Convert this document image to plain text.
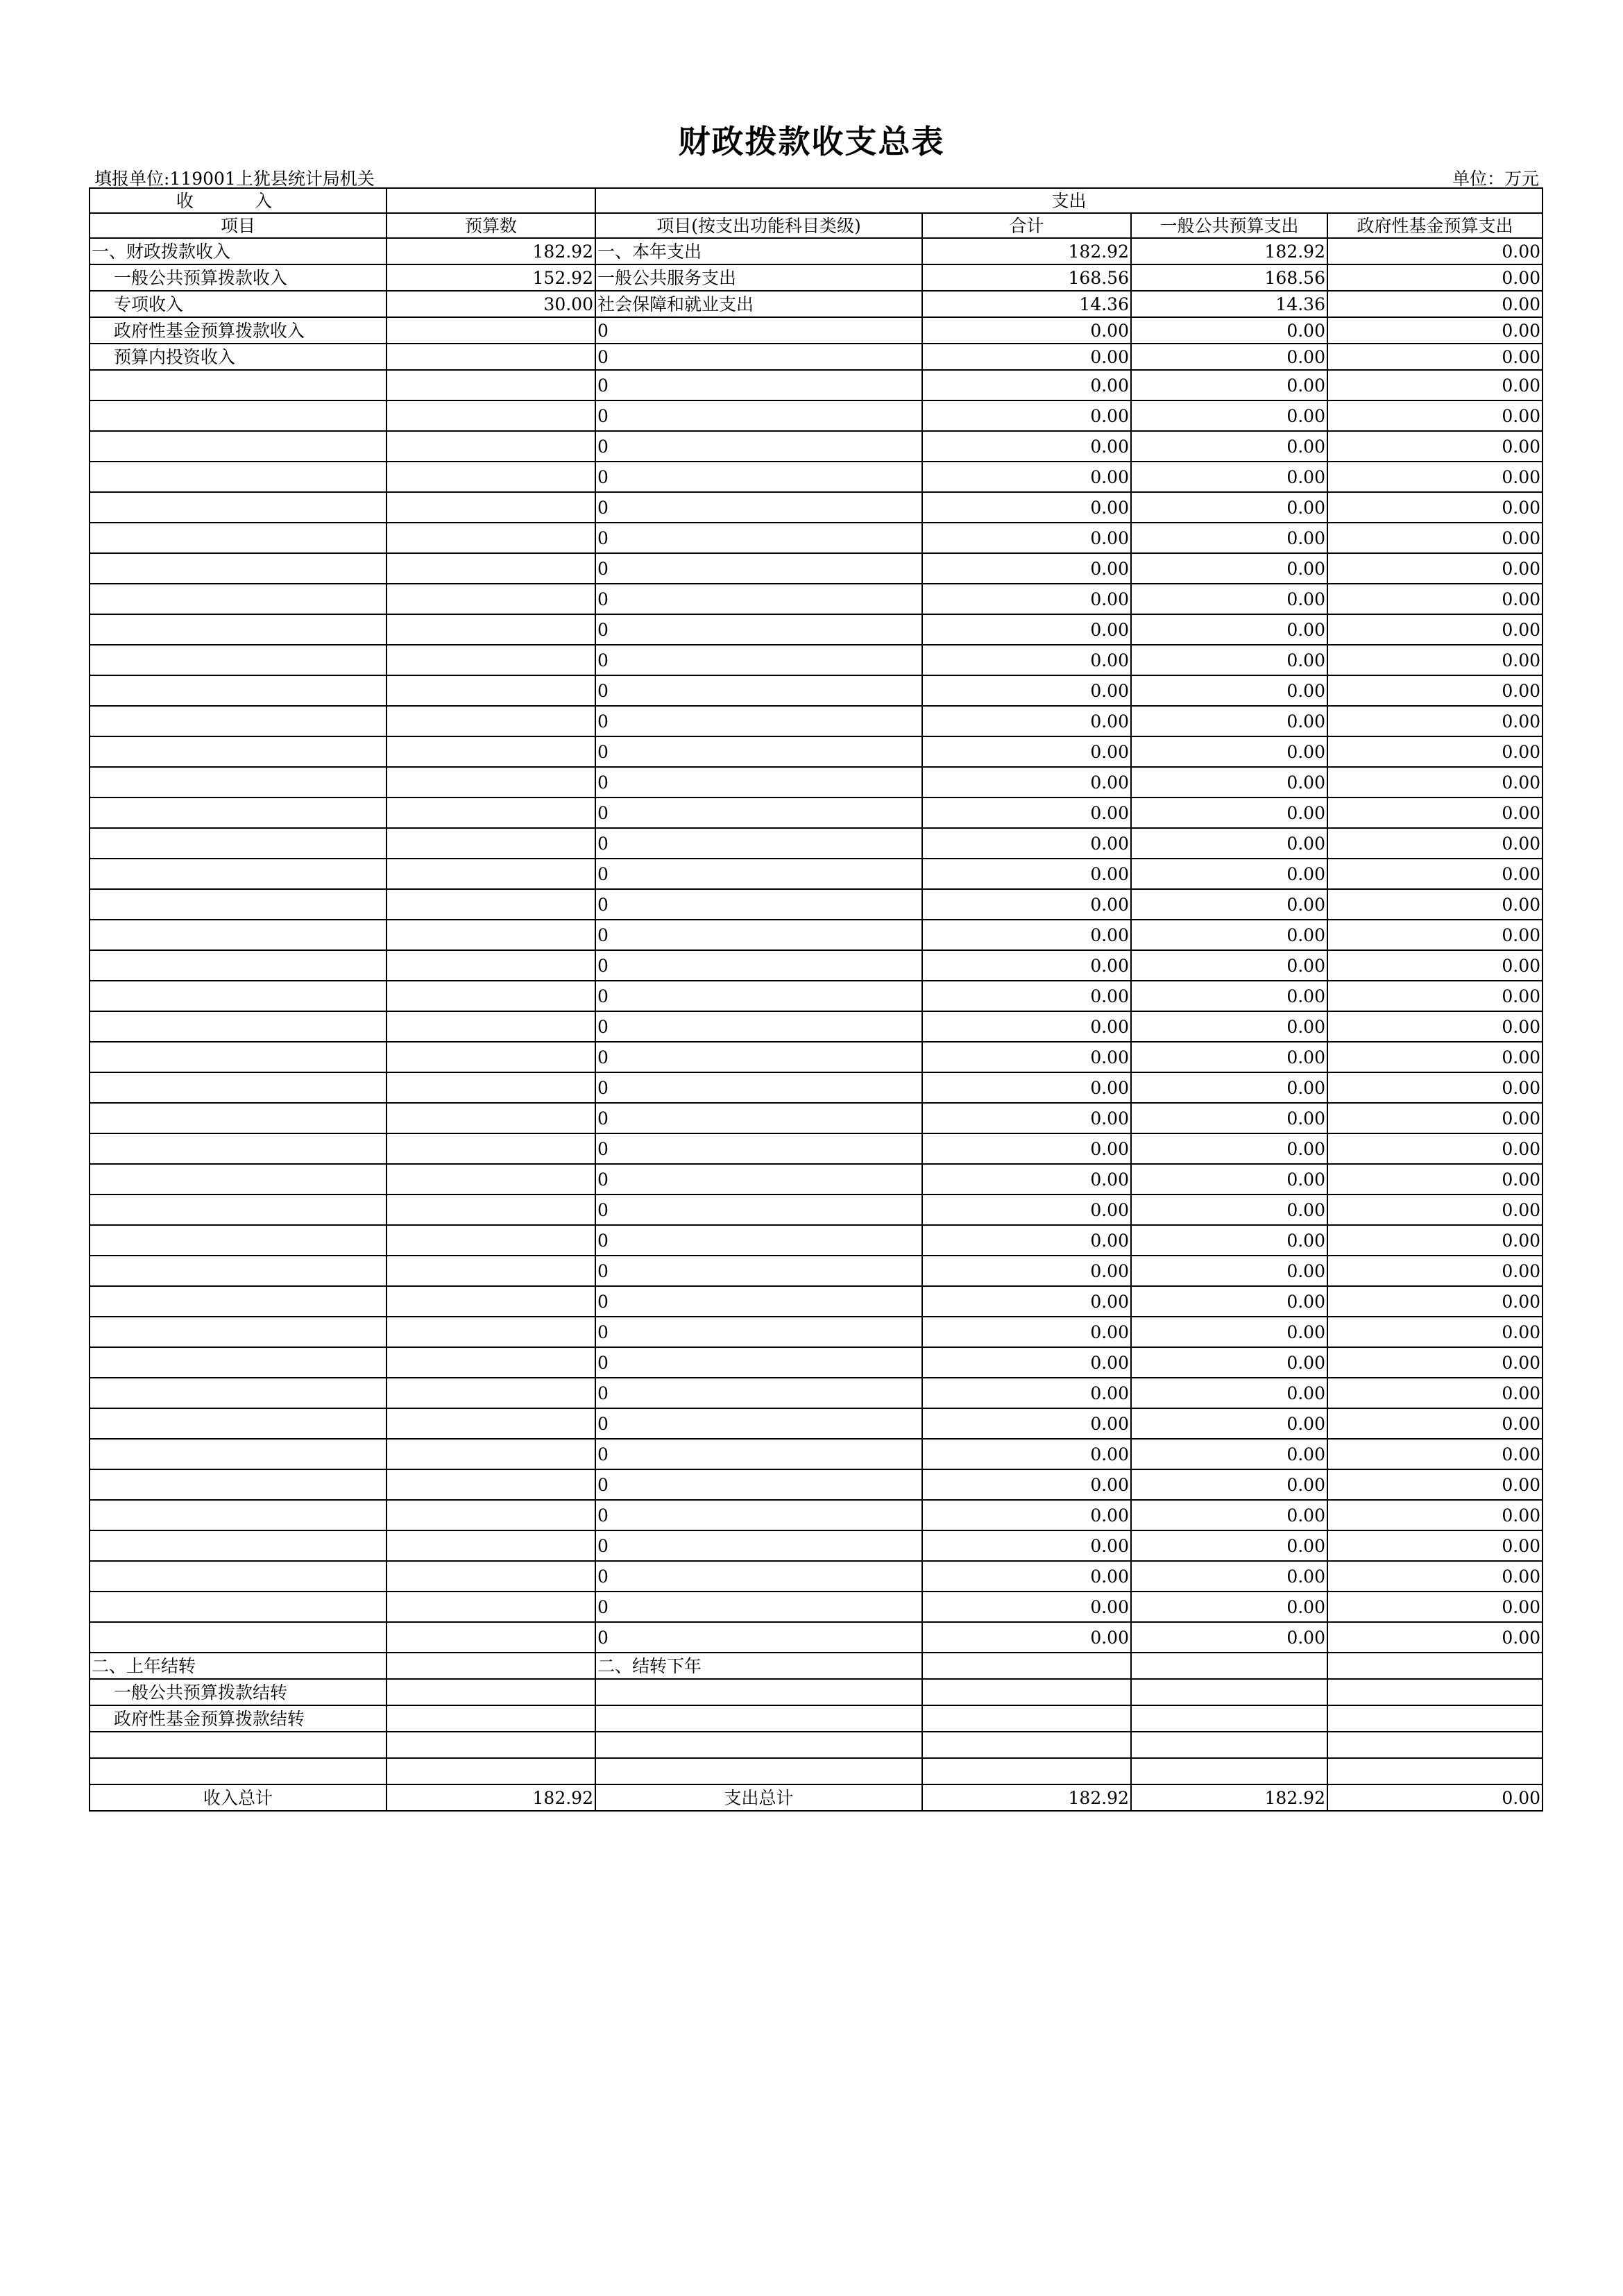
财政拨款收支总表
填报单位:119001上犹县统计局机关	单位：万元
收 入		支出			
项目	预算数	项目(按支出功能科目类级)	合计	一般公共预算支出	政府性基金预算支出
一、财政拨款收入	182.92	一、本年支出	182.92	182.92	0.00
一般公共预算拨款收入	152.92	一般公共服务支出	168.56	168.56	0.00
专项收入	30.00	社会保障和就业支出	14.36	14.36	0.00
政府性基金预算拨款收入		0	0.00	0.00	0.00
预算内投资收入		0	0.00	0.00	0.00
		0	0.00	0.00	0.00
		0	0.00	0.00	0.00
		0	0.00	0.00	0.00
		0	0.00	0.00	0.00
		0	0.00	0.00	0.00
		0	0.00	0.00	0.00
		0	0.00	0.00	0.00
		0	0.00	0.00	0.00
		0	0.00	0.00	0.00
		0	0.00	0.00	0.00
		0	0.00	0.00	0.00
		0	0.00	0.00	0.00
		0	0.00	0.00	0.00
		0	0.00	0.00	0.00
		0	0.00	0.00	0.00
		0	0.00	0.00	0.00
		0	0.00	0.00	0.00
		0	0.00	0.00	0.00
		0	0.00	0.00	0.00
		0	0.00	0.00	0.00
		0	0.00	0.00	0.00
		0	0.00	0.00	0.00
		0	0.00	0.00	0.00
		0	0.00	0.00	0.00
		0	0.00	0.00	0.00
		0	0.00	0.00	0.00
		0	0.00	0.00	0.00
		0	0.00	0.00	0.00
		0	0.00	0.00	0.00
		0	0.00	0.00	0.00
		0	0.00	0.00	0.00
		0	0.00	0.00	0.00
		0	0.00	0.00	0.00
		0	0.00	0.00	0.00
		0	0.00	0.00	0.00
		0	0.00	0.00	0.00
		0	0.00	0.00	0.00
		0	0.00	0.00	0.00
		0	0.00	0.00	0.00
		0	0.00	0.00	0.00
		0	0.00	0.00	0.00
		0	0.00	0.00	0.00
二、上年结转		二、结转下年			
一般公共预算拨款结转					
政府性基金预算拨款结转					

收入总计	182.92	支出总计	182.92	182.92	0.00
